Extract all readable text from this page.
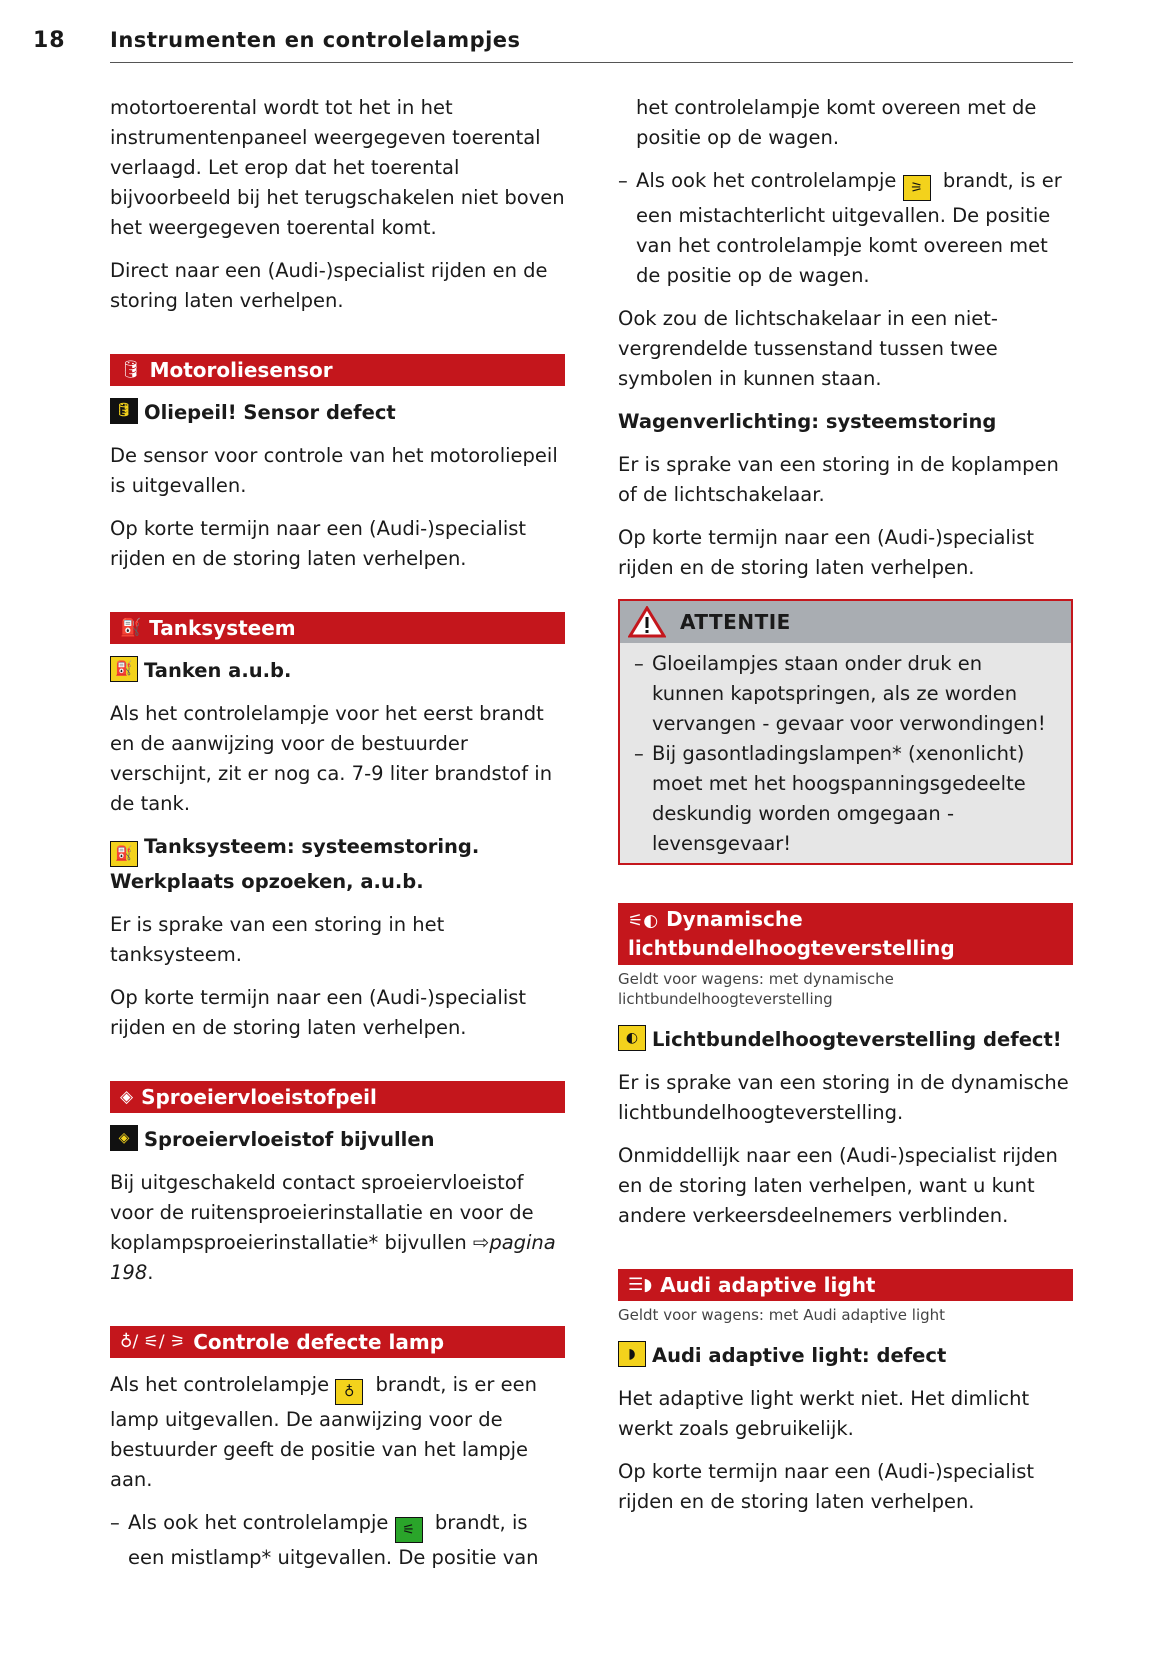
18 Instrumenten en controlelampjes

motortoerental wordt tot het in het instrumentenpaneel weergegeven toerental verlaagd. Let erop dat het toerental bijvoorbeeld bij het terugschakelen niet boven het weergegeven toerental komt.

Direct naar een (Audi-)specialist rijden en de storing laten verhelpen.

🛢 Motoroliesensor
🛢 Oliepeil! Sensor defect

De sensor voor controle van het motoroliepeil is uitgevallen.

Op korte termijn naar een (Audi-)specialist rijden en de storing laten verhelpen.

⛽ Tanksysteem
⛽ Tanken a.u.b.

Als het controlelampje voor het eerst brandt en de aanwijzing voor de bestuurder verschijnt, zit er nog ca. 7-9 liter brandstof in de tank.

⛽ Tanksysteem: systeemstoring. Werkplaats opzoeken, a.u.b.

Er is sprake van een storing in het tanksysteem.

Op korte termijn naar een (Audi-)specialist rijden en de storing laten verhelpen.

◈ Sproeiervloeistofpeil
◈ Sproeiervloeistof bijvullen

Bij uitgeschakeld contact sproeiervloeistof voor de ruitensproeierinstallatie en voor de koplampsproeierinstallatie* bijvullen ⇨pagina 198.

♁/ ⚟/ ⚞ Controle defecte lamp

Als het controlelampje ♁ brandt, is er een lamp uitgevallen. De aanwijzing voor de bestuurder geeft de positie van het lampje aan.

– Als ook het controlelampje ⚟ brandt, is een mistlamp* uitgevallen. De positie van

het controlelampje komt overeen met de positie op de wagen.

– Als ook het controlelampje ⚞ brandt, is er een mistachterlicht uitgevallen. De positie van het controlelampje komt overeen met de positie op de wagen.

Ook zou de lichtschakelaar in een niet-vergrendelde tussenstand tussen twee symbolen in kunnen staan.

Wagenverlichting: systeemstoring

Er is sprake van een storing in de koplampen of de lichtschakelaar.

Op korte termijn naar een (Audi-)specialist rijden en de storing laten verhelpen.

ATTENTIE
– Gloeilampjes staan onder druk en kunnen kapotspringen, als ze worden vervangen - gevaar voor verwondingen!
– Bij gasontladingslampen* (xenonlicht) moet met het hoogspanningsgedeelte deskundig worden omgegaan - levensgevaar!
⚟◐ Dynamische lichtbundelhoogteverstelling
Geldt voor wagens: met dynamische lichtbundelhoogteverstelling
◐ Lichtbundelhoogteverstelling defect!

Er is sprake van een storing in de dynamische lichtbundelhoogteverstelling.

Onmiddellijk naar een (Audi-)specialist rijden en de storing laten verhelpen, want u kunt andere verkeersdeelnemers verblinden.

☰◗ Audi adaptive light
Geldt voor wagens: met Audi adaptive light
◗ Audi adaptive light: defect

Het adaptive light werkt niet. Het dimlicht werkt zoals gebruikelijk.

Op korte termijn naar een (Audi-)specialist rijden en de storing laten verhelpen.
